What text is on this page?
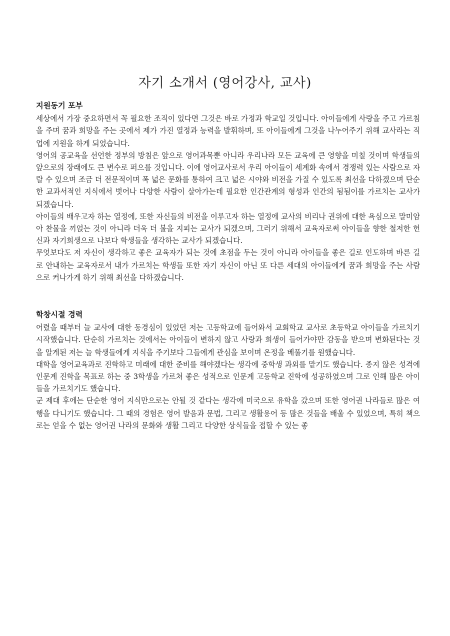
자기 소개서 (영어강사, 교사)

지원동기 포부

세상에서 가장 중요하면서 꼭 필요한 조직이 있다면 그것은 바로 가정과 학교일 것입니다. 아이들에게 사랑을 주고 가르침을 주며 꿈과 희망을 주는 곳에서 제가 가진 열정과 능력을 발휘하며, 또 아이들에게 그것을 나누어주기 위해 교사라는 직업에 지원을 하게 되었습니다.

영어의 공교육을 선언한 정부의 방침은 앞으로 영어과목뿐 아니라 우리나라 모든 교육에 큰 영향을 미칠 것이며 학생들의 앞으로의 장래에도 큰 변수로 퍼으를 것입니다. 이에 영어교사로서 우리 아이들이 세계화 속에서 경쟁력 있는 사람으로 자랄 수 있으며 조금 더 전문적이며 폭 넓은 문화를 통하여 크고 넓은 시야와 비전을 가질 수 있도록 최선을 다하겠으며 단순한 교과서적인 지식에서 벗어나 다양한 사람이 살아가는데 필요한 인간관계의 형성과 인간의 됨됨이를 가르치는 교사가 되겠습니다.

아이들의 배우고자 하는 열정에, 또한 자신들의 비전을 이루고자 하는 열정에 교사의 비리나 권위에 대한 욕심으로 말미암아 찬물을 끼얹는 것이 아니라 더욱 더 불을 지피는 교사가 되겠으며, 그러기 위해서 교육자로써 아이들을 향한 철저한 헌신과 자기희생으로 나보다 학생들을 생각하는 교사가 되겠습니다.

무엇보다도 저 자신이 생각하고 좋은 교육자가 되는 것에 초점을 두는 것이 아니라 아이들을 좋은 길로 인도하며 바른 길로 안내하는 교육자로서 내가 가르치는 학생들 또한 자기 자신이 아닌 또 다른 세대의 아이들에게 꿈과 희망을 주는 사람으로 커나가게 하기 위해 최선을 다하겠습니다.

학창시절 경력

어렸을 때부터 늘 교사에 대한 동경심이 있었던 저는 고등학교에 들어와서 교회학교 교사로 초등학교 아이들을 가르치기 시작했습니다. 단순히 가르치는 것에서는 아이들이 변하지 않고 사랑과 희생이 들어가야만 감동을 받으며 변화된다는 것을 알게된 저는 늘 학생들에게 지식을 주기보다 그들에게 관심을 보이며 온정을 베풀기를 원했습니다.

대학을 영어교육과로 진학하고 미래에 대한 준비를 해야겠다는 생각에 중학생 과외를 맡기도 했습니다. 종지 않은 성격에 인문계 진학을 목표로 하는 중 3학생을 가르쳐 좋은 성적으로 인문계 고등학교 진학에 성공하였으며 그로 인해 많은 아이들을 가르치기도 했습니다.

군 제대 후에는 단순한 영어 지식만으로는 안될 것 같다는 생각에 미국으로 유학을 갔으며 또한 영어권 나라들로 많은 여행을 다니기도 했습니다. 그 때의 경험은 영어 발음과 문법, 그리고 생활용어 등 많은 것들을 배울 수 있었으며, 특히 책으로는 얻을 수 없는 영어권 나라의 문화와 생활 그리고 다양한 상식들을 접할 수 있는 좋
